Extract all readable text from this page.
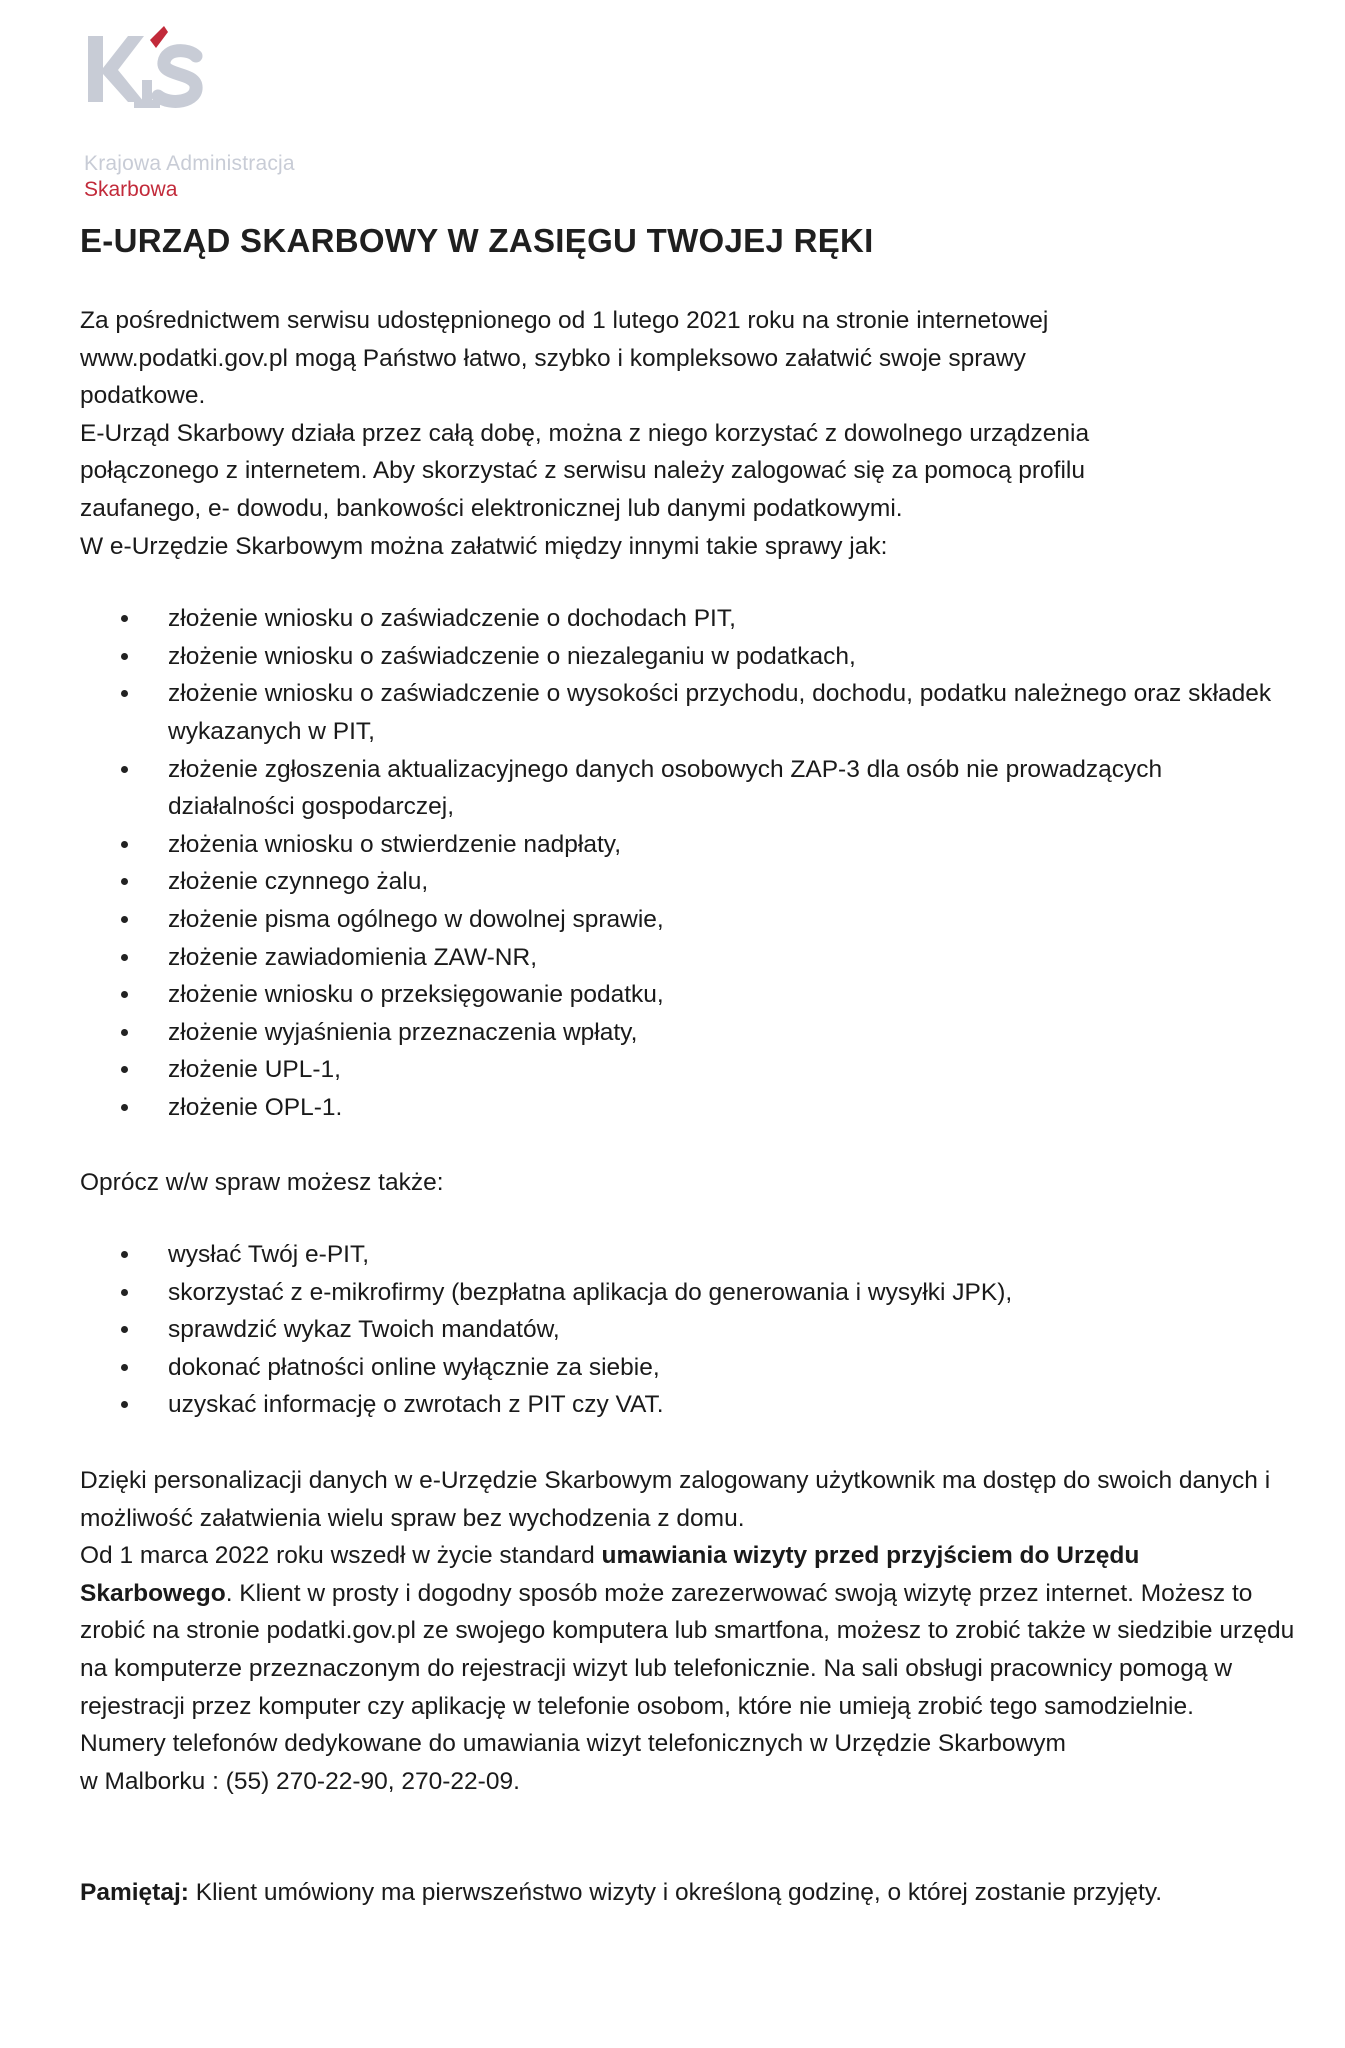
Krajowa Administracja
Skarbowa
E-URZĄD SKARBOWY W ZASIĘGU TWOJEJ RĘKI

Za pośrednictwem serwisu udostępnionego od 1 lutego 2021 roku na stronie internetowej

www.podatki.gov.pl mogą Państwo łatwo, szybko i kompleksowo załatwić swoje sprawy

podatkowe.

E-Urząd Skarbowy działa przez całą dobę, można z niego korzystać z dowolnego urządzenia

połączonego z internetem. Aby skorzystać z serwisu należy zalogować się za pomocą profilu

zaufanego, e- dowodu, bankowości elektronicznej lub danymi podatkowymi.

W e-Urzędzie Skarbowym można załatwić między innymi takie sprawy jak:

złożenie wniosku o zaświadczenie o dochodach PIT,
złożenie wniosku o zaświadczenie o niezaleganiu w podatkach,
złożenie wniosku o zaświadczenie o wysokości przychodu, dochodu, podatku należnego oraz składek wykazanych w PIT,
złożenie zgłoszenia aktualizacyjnego danych osobowych ZAP-3 dla osób nie prowadzących działalności gospodarczej,
złożenia wniosku o stwierdzenie nadpłaty,
złożenie czynnego żalu,
złożenie pisma ogólnego w dowolnej sprawie,
złożenie zawiadomienia ZAW-NR,
złożenie wniosku o przeksięgowanie podatku,
złożenie wyjaśnienia przeznaczenia wpłaty,
złożenie UPL-1,
złożenie OPL-1.

Oprócz w/w spraw możesz także:

wysłać Twój e-PIT,
skorzystać z e-mikrofirmy (bezpłatna aplikacja do generowania i wysyłki JPK),
sprawdzić wykaz Twoich mandatów,
dokonać płatności online wyłącznie za siebie,
uzyskać informację o zwrotach z PIT czy VAT.

Dzięki personalizacji danych w e-Urzędzie Skarbowym zalogowany użytkownik ma dostęp do swoich danych i możliwość załatwienia wielu spraw bez wychodzenia z domu.

Od 1 marca 2022 roku wszedł w życie standard umawiania wizyty przed przyjściem do Urzędu Skarbowego. Klient w prosty i dogodny sposób może zarezerwować swoją wizytę przez internet. Możesz to zrobić na stronie podatki.gov.pl ze swojego komputera lub smartfona, możesz to zrobić także w siedzibie urzędu na komputerze przeznaczonym do rejestracji wizyt lub telefonicznie. Na sali obsługi pracownicy pomogą w rejestracji przez komputer czy aplikację w telefonie osobom, które nie umieją zrobić tego samodzielnie.

Numery telefonów dedykowane do umawiania wizyt telefonicznych w Urzędzie Skarbowym

w Malborku : (55) 270-22-90, 270-22-09.

Pamiętaj: Klient umówiony ma pierwszeństwo wizyty i określoną godzinę, o której zostanie przyjęty.
